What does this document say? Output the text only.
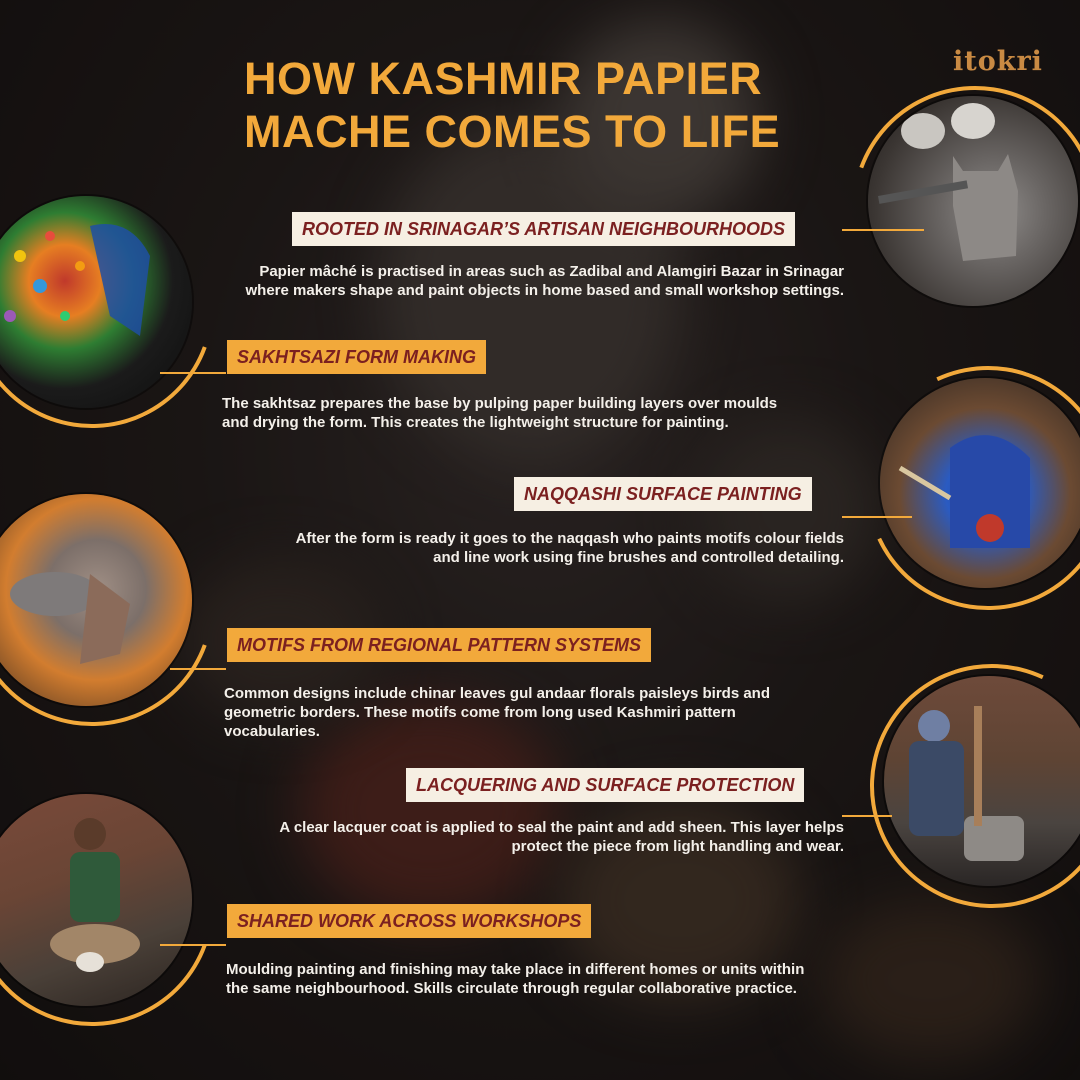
HOW KASHMIR PAPIER MACHE COMES TO LIFE
itokri
ROOTED IN SRINAGAR’S ARTISAN NEIGHBOURHOODS
Papier mâché is practised in areas such as Zadibal and Alamgiri Bazar in Srinagar where makers shape and paint objects in home based and small workshop settings.
SAKHTSAZI FORM MAKING
The sakhtsaz prepares the base by pulping paper building layers over moulds and drying the form. This creates the lightweight structure for painting.
NAQQASHI SURFACE PAINTING
After the form is ready it goes to the naqqash who paints motifs colour fields and line work using fine brushes and controlled detailing.
MOTIFS FROM REGIONAL PATTERN SYSTEMS
Common designs include chinar leaves gul andaar florals paisleys birds and geometric borders. These motifs come from long used Kashmiri pattern vocabularies.
LACQUERING AND SURFACE PROTECTION
A clear lacquer coat is applied to seal the paint and add sheen. This layer helps protect the piece from light handling and wear.
SHARED WORK ACROSS WORKSHOPS
Moulding painting and finishing may take place in different homes or units within the same neighbourhood. Skills circulate through regular collaborative practice.
